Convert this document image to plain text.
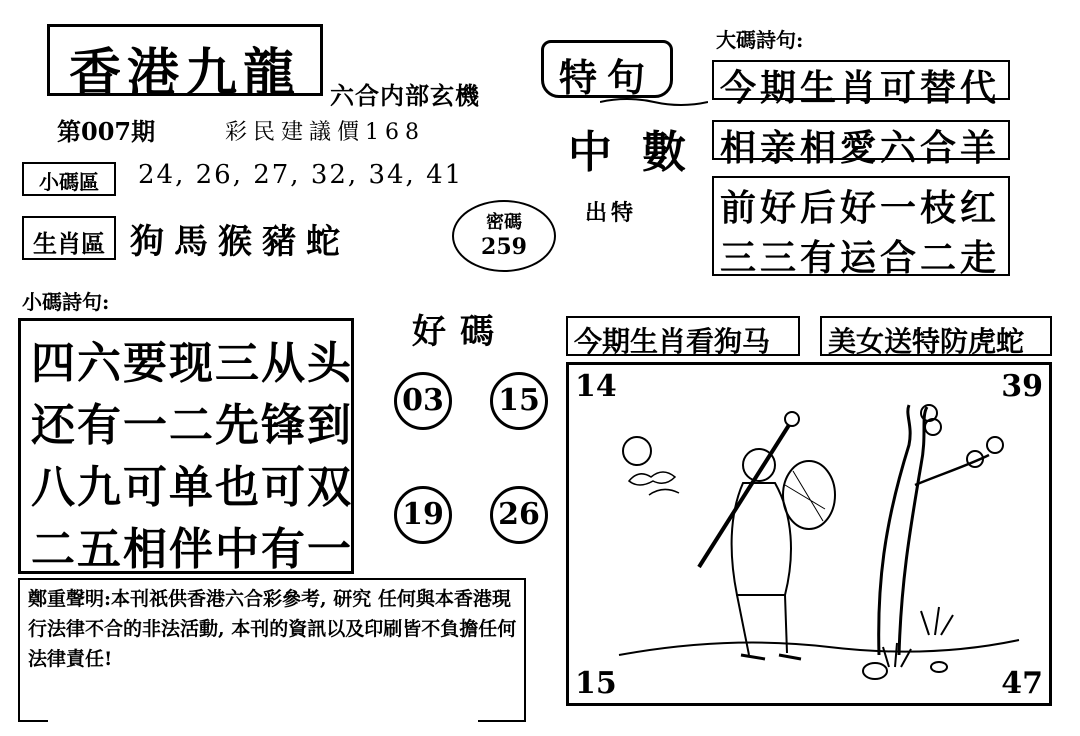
香港九龍	六合内部玄機
第007期	彩民建議價168
小碼區	24, 26, 27, 32, 34, 41
生肖區 狗馬猴豬蛇	密碼
259
特句
中數
出特
大碼詩句:
今期生肖可替代
相亲相愛六合羊
前好后好一枝红
三三有运合二走
小碼詩句:
四六要现三从头
还有一二先锋到
八九可单也可双
二五相伴中有一
好碼
03 15
19 26
鄭重聲明:本刊祇供香港六合彩參考, 研究 任何與本香港現行法律不合的非法活動, 本刊的資訊以及印刷皆不負擔任何法律責任!
今期生肖看狗马 美女送特防虎蛇
14	39
15	47
